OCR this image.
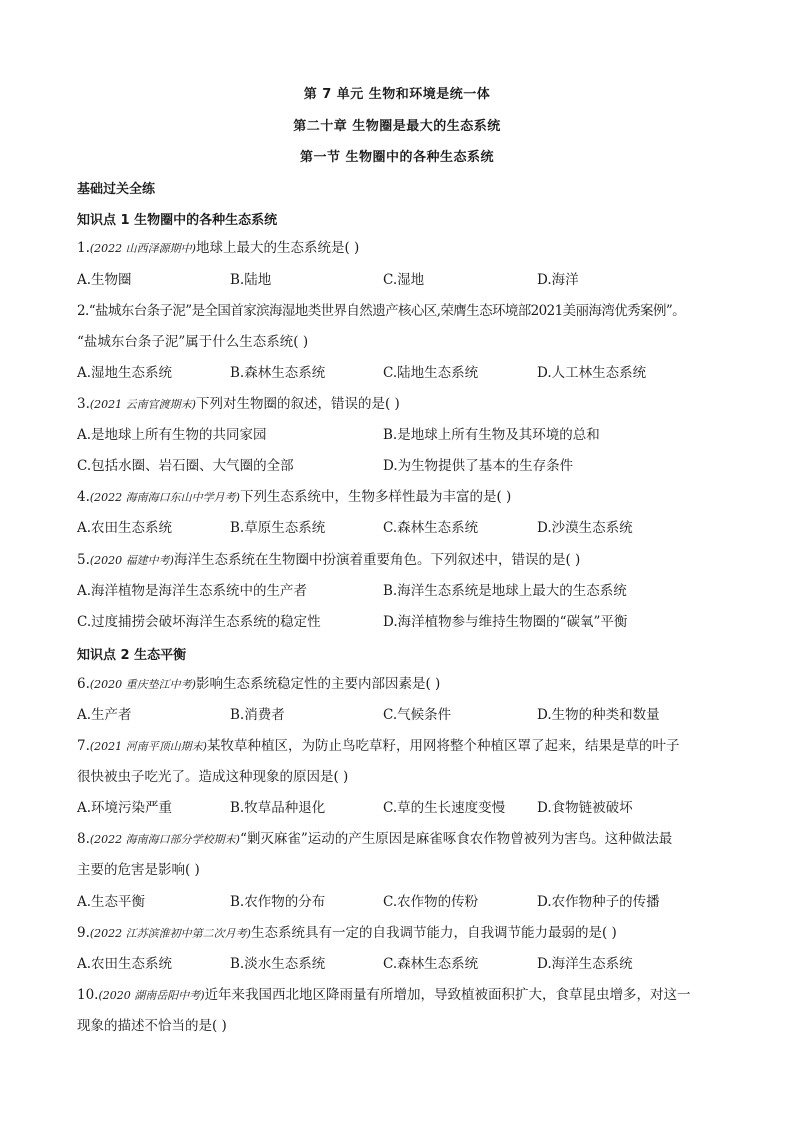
第 7 单元 生物和环境是统一体
第二十章 生物圈是最大的生态系统
第一节 生物圈中的各种生态系统
基础过关全练
知识点 1 生物圈中的各种生态系统
1.(2022 山西泽源期中)地球上最大的生态系统是( )
A.生物圈	B.陆地	C.湿地	D.海洋
2.“盐城东台条子泥”是全国首家滨海湿地类世界自然遗产核心区,荣膺生态环境部2021美丽海湾优秀案例”。
“盐城东台条子泥”属于什么生态系统( )
A.湿地生态系统	B.森林生态系统	C.陆地生态系统	D.人工林生态系统
3.(2021 云南官渡期末)下列对生物圈的叙述，错误的是( )
A.是地球上所有生物的共同家园	B.是地球上所有生物及其环境的总和
C.包括水圈、岩石圈、大气圈的全部	D.为生物提供了基本的生存条件
4.(2022 海南海口东山中学月考)下列生态系统中，生物多样性最为丰富的是( )
A.农田生态系统	B.草原生态系统	C.森林生态系统	D.沙漠生态系统
5.(2020 福建中考)海洋生态系统在生物圈中扮演着重要角色。下列叙述中，错误的是( )
A.海洋植物是海洋生态系统中的生产者	B.海洋生态系统是地球上最大的生态系统
C.过度捕捞会破坏海洋生态系统的稳定性	D.海洋植物参与维持生物圈的“碳氧”平衡
知识点 2 生态平衡
6.(2020 重庆垫江中考)影响生态系统稳定性的主要内部因素是( )
A.生产者	B.消费者	C.气候条件	D.生物的种类和数量
7.(2021 河南平顶山期末)某牧草种植区，为防止鸟吃草籽，用网将整个种植区罩了起来，结果是草的叶子
很快被虫子吃光了。造成这种现象的原因是( )
A.环境污染严重	B.牧草品种退化	C.草的生长速度变慢 D.食物链被破坏
8.(2022 海南海口部分学校期末)“剿灭麻雀”运动的产生原因是麻雀啄食农作物曾被列为害鸟。这种做法最
主要的危害是影响( )
A.生态平衡	B.农作物的分布	C.农作物的传粉	D.农作物种子的传播
9.(2022 江苏滨淮初中第二次月考)生态系统具有一定的自我调节能力，自我调节能力最弱的是( )
A.农田生态系统	B.淡水生态系统	C.森林生态系统	D.海洋生态系统
10.(2020 湖南岳阳中考)近年来我国西北地区降雨量有所增加，导致植被面积扩大，食草昆虫增多，对这一
现象的描述不恰当的是( )
